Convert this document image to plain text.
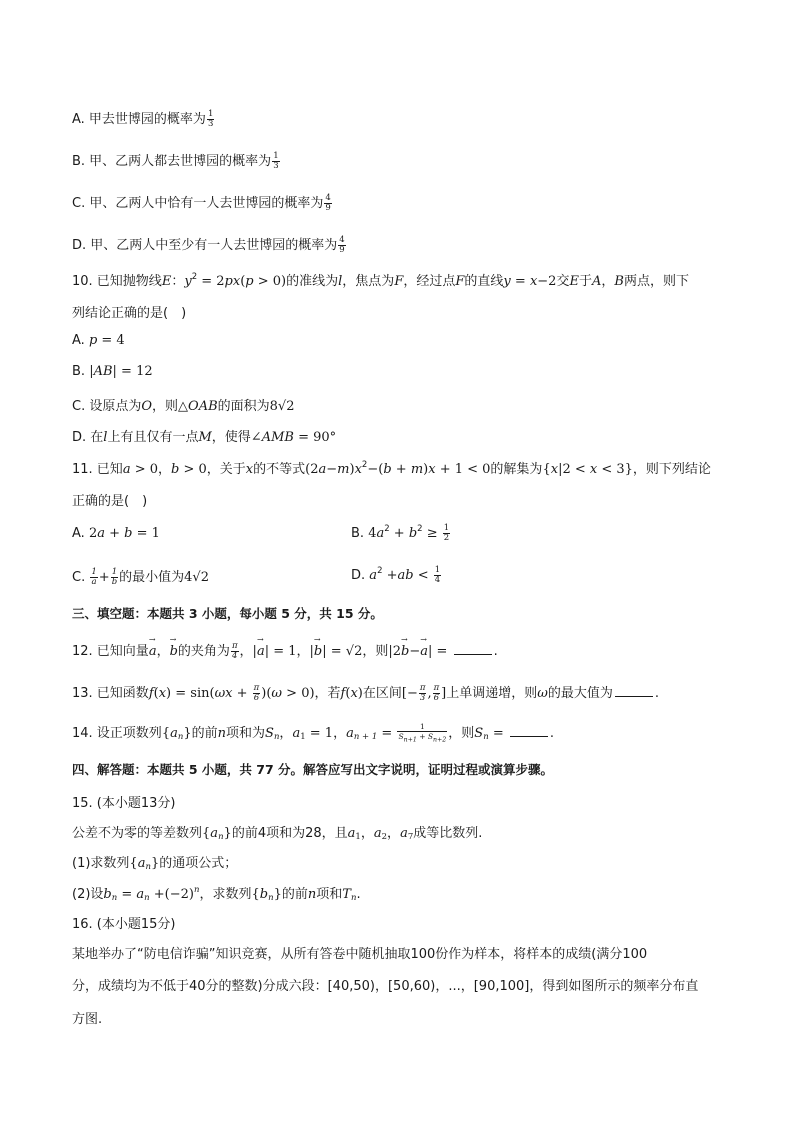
A. 甲去世博园的概率为 $\frac{1}{3}$
B. 甲、乙两人都去世博园的概率为 $\frac{1}{3}$
C. 甲、乙两人中恰有一人去世博园的概率为 $\frac{4}{9}$
D. 甲、乙两人中至少有一人去世博园的概率为 $\frac{4}{9}$
10. 已知抛物线E：$y^2 = 2px(p > 0)$的准线为l，焦点为F，经过点F的直线y = x−2交E于A，B两点，则下
列结论正确的是(　)
A. p = 4
B. |AB| = 12
C. 设原点为O，则△OAB的面积为8√2
D. 在l上有且仅有一点M，使得∠AMB = 90°
11. 已知a > 0，b > 0，关于x的不等式$(2a-m)x^2-(b + m)x + 1 < 0$的解集为{x|2 < x < 3}，则下列结论
正确的是(　)
A. 2a + b = 1	B. $4a^2 + b^2 \ge \frac{1}{2}$
C. $\frac{1}{a} + \frac{1}{b}$ 的最小值为4√2	D. $a^2 +ab < \frac{1}{4}$
三、填空题：本题共 3 小题，每小题 5 分，共 15 分。
12. 已知向量→ a，→ b的夹角为 $\frac{\pi}{4}$ ，|→ a| = 1，|→ b| = √2，则|2→ b−→ a| =	.
13. 已知函数$f(x) = \sin(\omega x + \frac{\pi}{6} )(\omega > 0)$，若f(x)在区间[− $\frac{\pi}{3}$ , $\frac{\pi}{6}$ ]上单调递增，则ω的最大值为	.
14. 设正项数列$\{a_n\}$的前n项和为$S_n$，$a_1 = 1$，$a_{n + 1} = \frac{1}{S_{n+1} + S_{n+2}}$ ，则$S_n$ =	.
四、解答题：本题共 5 小题，共 77 分。解答应写出文字说明，证明过程或演算步骤。
15. (本小题13分)
公差不为零的等差数列$\{a_n\}$的前4项和为28，且$a_1$，$a_2$，$a_7$成等比数列.
(1)求数列$\{a_n\}$的通项公式；
(2)设$b_n = a_n +(-2)^n$，求数列$\{b_n\}$的前n项和$T_n$.
16. (本小题15分)
某地举办了“防电信诈骗”知识竞赛，从所有答卷中随机抽取100份作为样本，将样本的成绩(满分100
分，成绩均为不低于40分的整数)分成六段：[40,50)，[50,60)，...，[90,100]，得到如图所示的频率分布直
方图.
